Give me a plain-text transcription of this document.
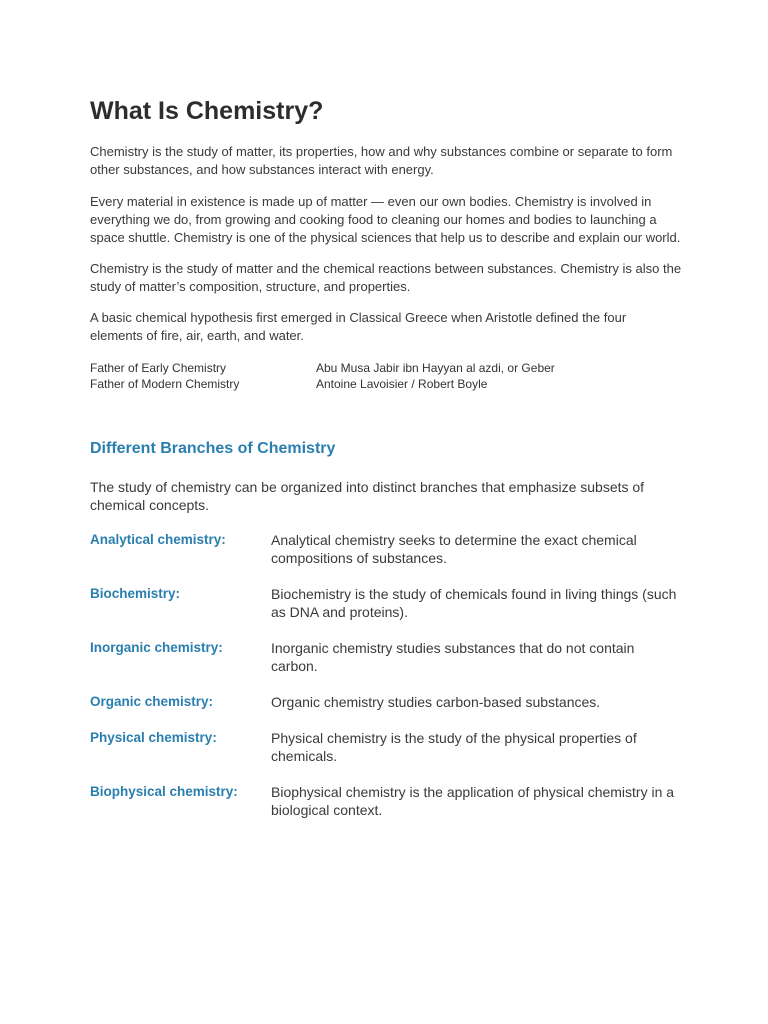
What Is Chemistry?

Chemistry is the study of matter, its properties, how and why substances combine or separate to form other substances, and how substances interact with energy.

Every material in existence is made up of matter — even our own bodies. Chemistry is involved in everything we do, from growing and cooking food to cleaning our homes and bodies to launching a space shuttle. Chemistry is one of the physical sciences that help us to describe and explain our world.

Chemistry is the study of matter and the chemical reactions between substances. Chemistry is also the study of matter’s composition, structure, and properties.

A basic chemical hypothesis first emerged in Classical Greece when Aristotle defined the four elements of fire, air, earth, and water.

Father of Early Chemistry	Abu Musa Jabir ibn Hayyan al azdi, or Geber
Father of Modern Chemistry	Antoine Lavoisier / Robert Boyle
Different Branches of Chemistry
The study of chemistry can be organized into distinct branches that emphasize subsets of chemical concepts.
Analytical chemistry:	Analytical chemistry seeks to determine the exact chemical compositions of substances.
Biochemistry:	Biochemistry is the study of chemicals found in living things (such as DNA and proteins).
Inorganic chemistry:	Inorganic chemistry studies substances that do not contain carbon.
Organic chemistry:	Organic chemistry studies carbon-based substances.
Physical chemistry:	Physical chemistry is the study of the physical properties of chemicals.
Biophysical chemistry:	Biophysical chemistry is the application of physical chemistry in a biological context.
